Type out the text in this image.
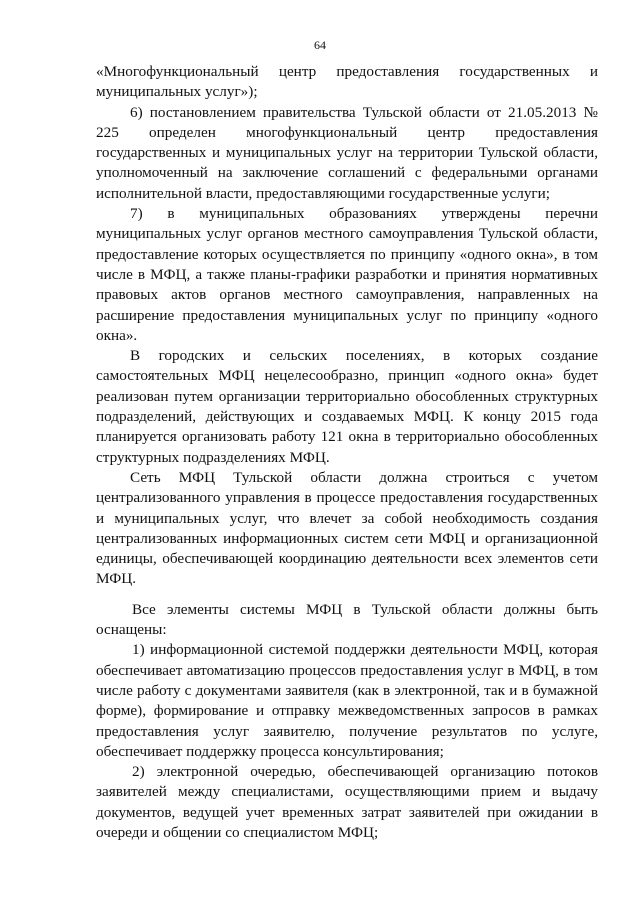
64

«Многофункциональный центр предоставления государственных и муниципальных услуг»);

6) постановлением правительства Тульской области от 21.05.2013 № 225 определен многофункциональный центр предоставления государственных и муниципальных услуг на территории Тульской области, уполномоченный на заключение соглашений с федеральными органами исполнительной власти, предоставляющими государственные услуги;

7) в муниципальных образованиях утверждены перечни муниципальных услуг органов местного самоуправления Тульской области, предоставление которых осуществляется по принципу «одного окна», в том числе в МФЦ, а также планы-графики разработки и принятия нормативных правовых актов органов местного самоуправления, направленных на расширение предоставления муниципальных услуг по принципу «одного окна».

В городских и сельских поселениях, в которых создание самостоятельных МФЦ нецелесообразно, принцип «одного окна» будет реализован путем организации территориально обособленных структурных подразделений, действующих и создаваемых МФЦ. К концу 2015 года планируется организовать работу 121 окна в территориально обособленных структурных подразделениях МФЦ.

Сеть МФЦ Тульской области должна строиться с учетом централизованного управления в процессе предоставления государственных и муниципальных услуг, что влечет за собой необходимость создания централизованных информационных систем сети МФЦ и организационной единицы, обеспечивающей координацию деятельности всех элементов сети МФЦ.

Все элементы системы МФЦ в Тульской области должны быть оснащены:

1) информационной системой поддержки деятельности МФЦ, которая обеспечивает автоматизацию процессов предоставления услуг в МФЦ, в том числе работу с документами заявителя (как в электронной, так и в бумажной форме), формирование и отправку межведомственных запросов в рамках предоставления услуг заявителю, получение результатов по услуге, обеспечивает поддержку процесса консультирования;

2) электронной очередью, обеспечивающей организацию потоков заявителей между специалистами, осуществляющими прием и выдачу документов, ведущей учет временных затрат заявителей при ожидании в очереди и общении со специалистом МФЦ;
